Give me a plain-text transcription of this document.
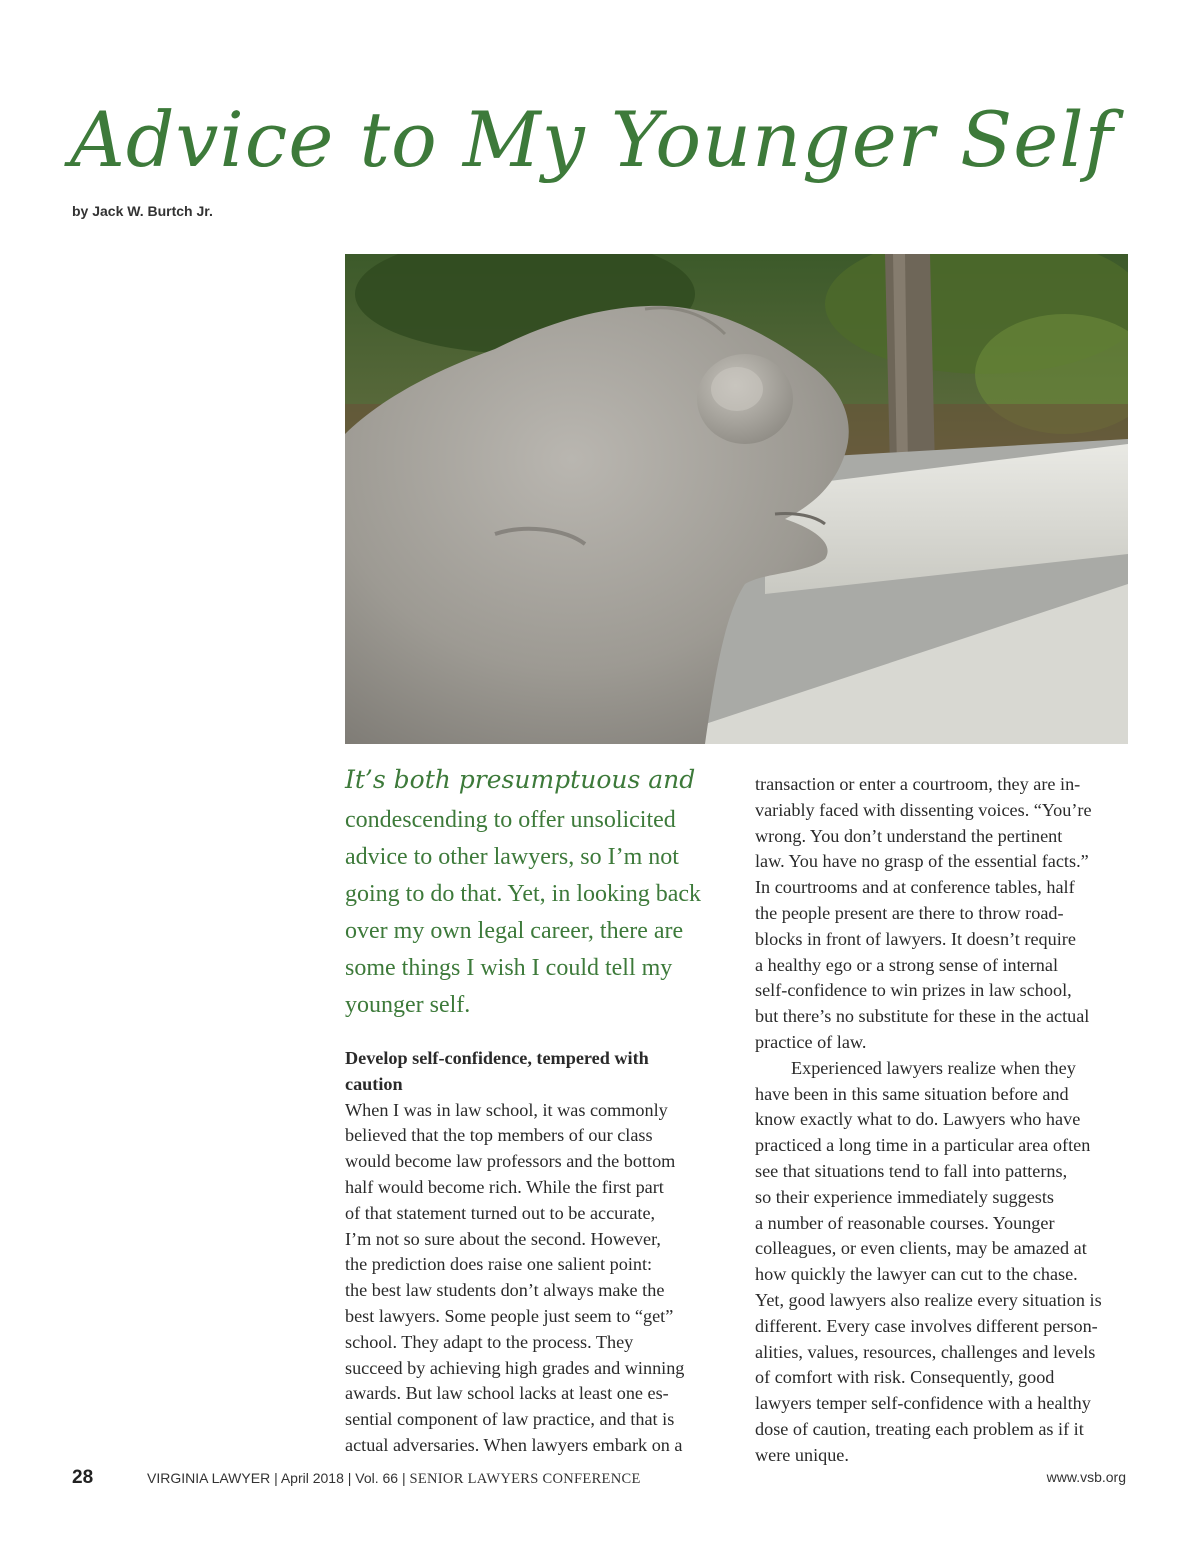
Advice to My Younger Self
by Jack W. Burtch Jr.
It’s both presumptuous and
condescending to offer unsolicited
advice to other lawyers, so I’m not
going to do that. Yet, in looking back
over my own legal career, there are
some things I wish I could tell my
younger self.
Develop self-confidence, tempered with
caution
When I was in law school, it was commonly
believed that the top members of our class
would become law professors and the bottom
half would become rich. While the first part
of that statement turned out to be accurate,
I’m not so sure about the second. However,
the prediction does raise one salient point:
the best law students don’t always make the
best lawyers. Some people just seem to “get”
school. They adapt to the process. They
succeed by achieving high grades and winning
awards. But law school lacks at least one es-
sential component of law practice, and that is
actual adversaries. When lawyers embark on a
transaction or enter a courtroom, they are in-
variably faced with dissenting voices. “You’re
wrong. You don’t understand the pertinent
law. You have no grasp of the essential facts.”
In courtrooms and at conference tables, half
the people present are there to throw road-
blocks in front of lawyers. It doesn’t require
a healthy ego or a strong sense of internal
self-confidence to win prizes in law school,
but there’s no substitute for these in the actual
practice of law.
Experienced lawyers realize when they
have been in this same situation before and
know exactly what to do. Lawyers who have
practiced a long time in a particular area often
see that situations tend to fall into patterns,
so their experience immediately suggests
a number of reasonable courses. Younger
colleagues, or even clients, may be amazed at
how quickly the lawyer can cut to the chase.
Yet, good lawyers also realize every situation is
different. Every case involves different person-
alities, values, resources, challenges and levels
of comfort with risk. Consequently, good
lawyers temper self-confidence with a healthy
dose of caution, treating each problem as if it
were unique.
28	VIRGINIA LAWYER | April 2018 | Vol. 66 | SENIOR LAWYERS CONFERENCE	www.vsb.org
